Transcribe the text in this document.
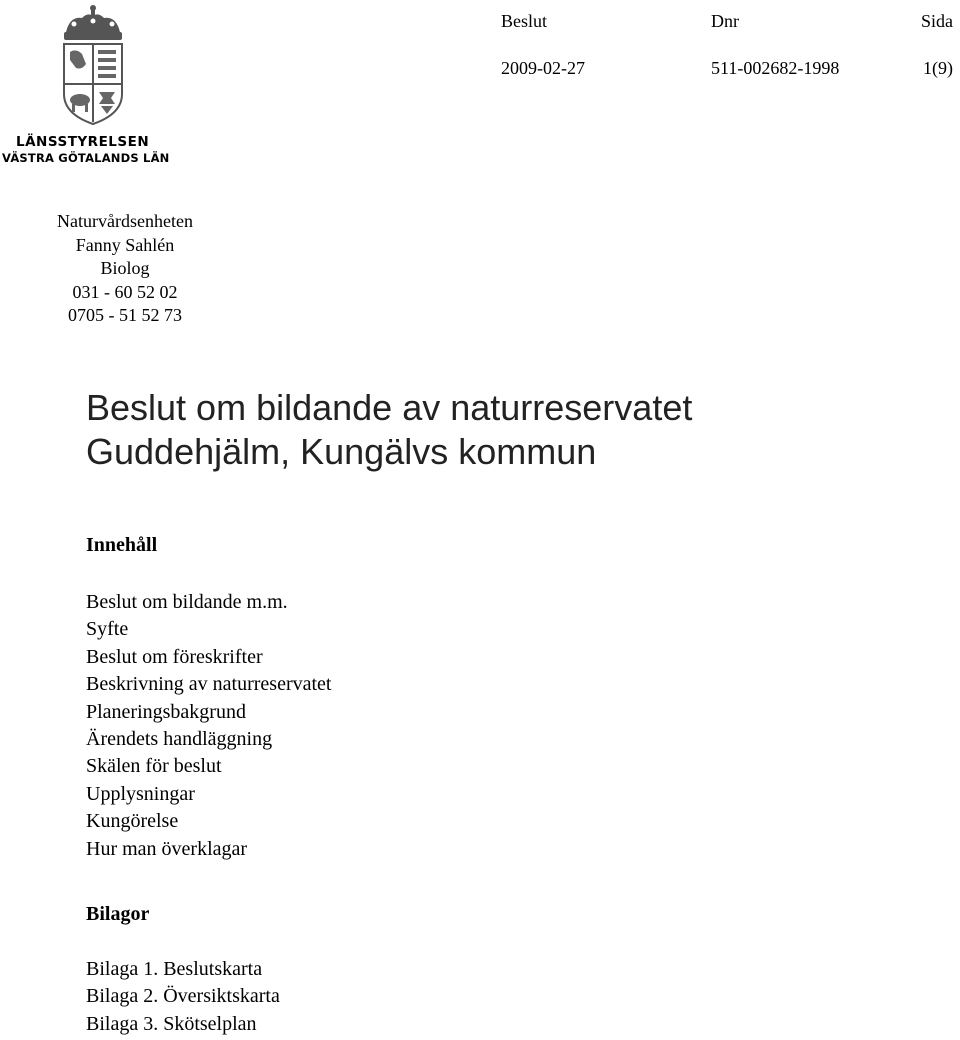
LÄNSSTYRELSEN
VÄSTRA GÖTALANDS LÄN
Beslut	Dnr	Sida
2009-02-27	511-002682-1998	1(9)
Naturvårdsenheten
Fanny Sahlén
Biolog
031 - 60 52 02
0705 - 51 52 73
Beslut om bildande av naturreservatet
Guddehjälm, Kungälvs kommun
Innehåll
Beslut om bildande m.m.
Syfte
Beslut om föreskrifter
Beskrivning av naturreservatet
Planeringsbakgrund
Ärendets handläggning
Skälen för beslut
Upplysningar
Kungörelse
Hur man överklagar
Bilagor
Bilaga 1. Beslutskarta
Bilaga 2. Översiktskarta
Bilaga 3. Skötselplan
